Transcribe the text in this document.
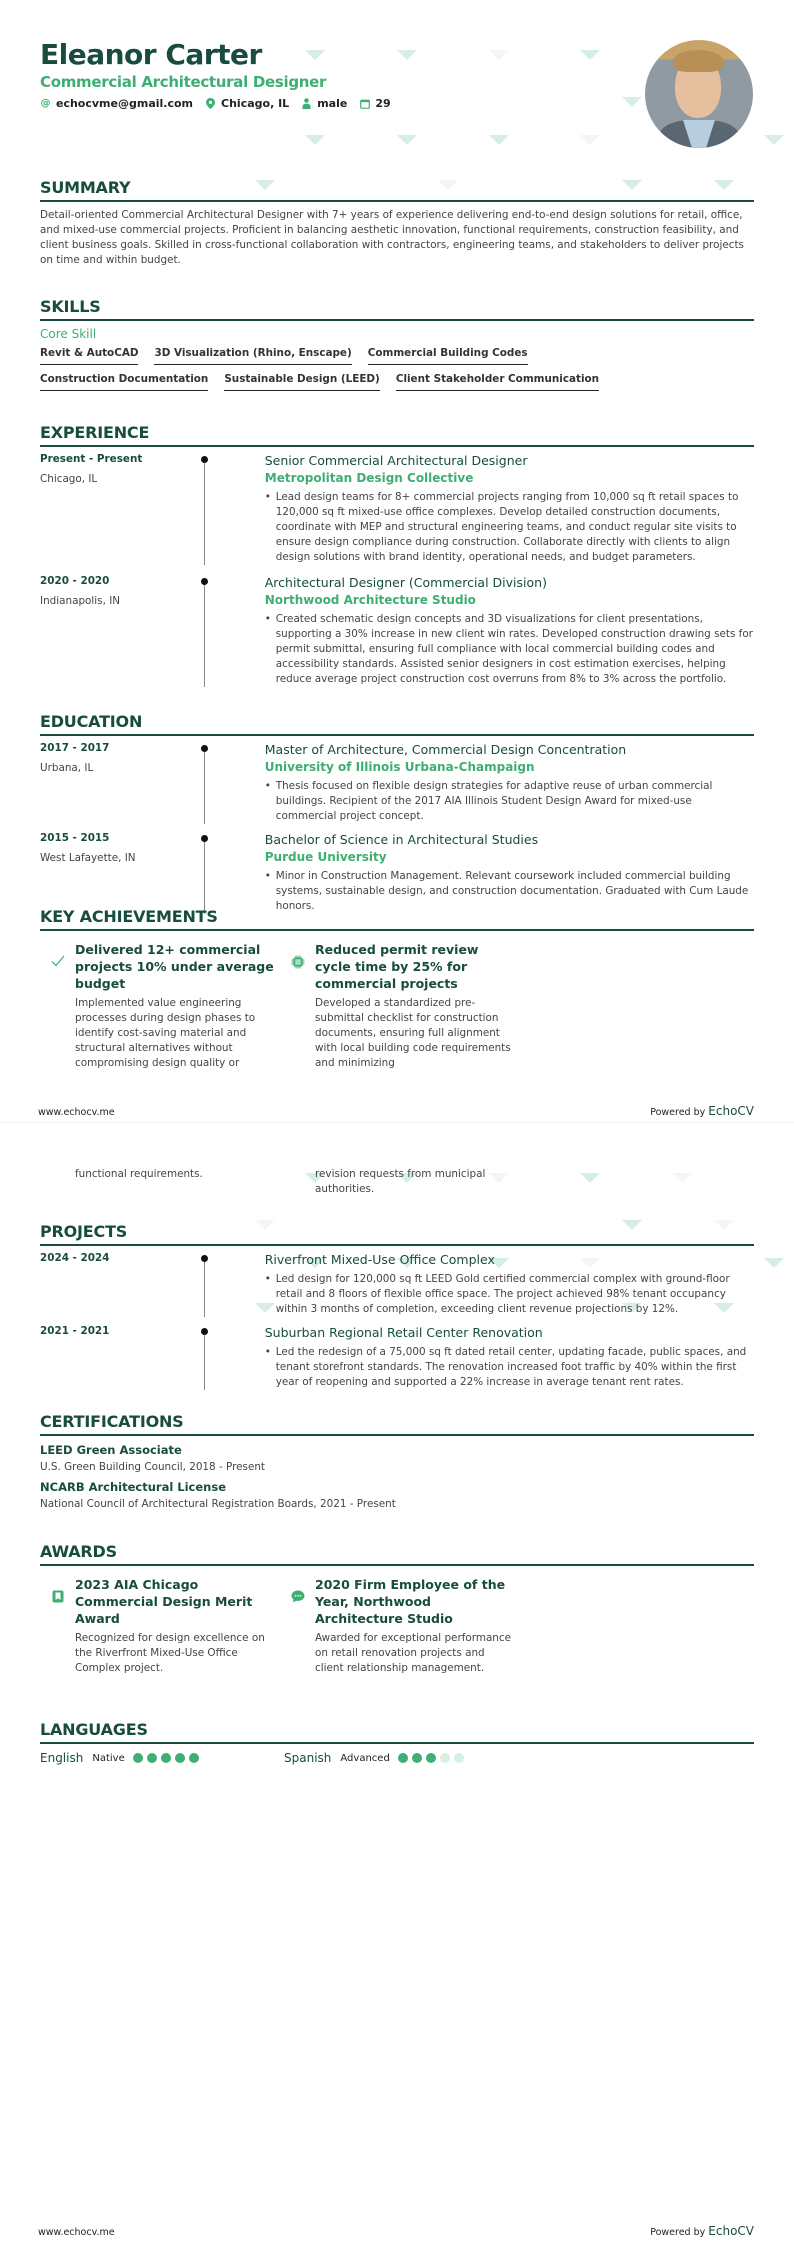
Eleanor Carter
Commercial Architectural Designer
@ echocvme@gmail.com	Chicago, IL	male	29
SUMMARY
Detail-oriented Commercial Architectural Designer with 7+ years of experience delivering end-to-end design solutions for retail, office, and mixed-use commercial projects. Proficient in balancing aesthetic innovation, functional requirements, construction feasibility, and client business goals. Skilled in cross-functional collaboration with contractors, engineering teams, and stakeholders to deliver projects on time and within budget.
SKILLS
Core Skill
Revit & AutoCAD 3D Visualization (Rhino, Enscape) Commercial Building Codes
Construction Documentation Sustainable Design (LEED) Client Stakeholder Communication
EXPERIENCE
Present - Present
Chicago, IL
Senior Commercial Architectural Designer
Metropolitan Design Collective
• Lead design teams for 8+ commercial projects ranging from 10,000 sq ft retail spaces to 120,000 sq ft mixed-use office complexes. Develop detailed construction documents, coordinate with MEP and structural engineering teams, and conduct regular site visits to ensure design compliance during construction. Collaborate directly with clients to align design solutions with brand identity, operational needs, and budget parameters.
2020 - 2020
Indianapolis, IN
Architectural Designer (Commercial Division)
Northwood Architecture Studio
• Created schematic design concepts and 3D visualizations for client presentations, supporting a 30% increase in new client win rates. Developed construction drawing sets for permit submittal, ensuring full compliance with local commercial building codes and accessibility standards. Assisted senior designers in cost estimation exercises, helping reduce average project construction cost overruns from 8% to 3% across the portfolio.
EDUCATION
2017 - 2017
Urbana, IL
Master of Architecture, Commercial Design Concentration
University of Illinois Urbana-Champaign
• Thesis focused on flexible design strategies for adaptive reuse of urban commercial buildings. Recipient of the 2017 AIA Illinois Student Design Award for mixed-use commercial project concept.
2015 - 2015
West Lafayette, IN
Bachelor of Science in Architectural Studies
Purdue University
• Minor in Construction Management. Relevant coursework included commercial building systems, sustainable design, and construction documentation. Graduated with Cum Laude honors.
KEY ACHIEVEMENTS
Delivered 12+ commercial projects 10% under average budget
Implemented value engineering processes during design phases to identify cost-saving material and structural alternatives without compromising design quality or
Reduced permit review cycle time by 25% for commercial projects
Developed a standardized pre-submittal checklist for construction documents, ensuring full alignment with local building code requirements and minimizing
www.echocv.me	Powered by EchoCV
functional requirements.	revision requests from municipal authorities.
PROJECTS
2024 - 2024	Riverfront Mixed-Use Office Complex
• Led design for 120,000 sq ft LEED Gold certified commercial complex with ground-floor retail and 8 floors of flexible office space. The project achieved 98% tenant occupancy within 3 months of completion, exceeding client revenue projections by 12%.
2021 - 2021	Suburban Regional Retail Center Renovation
• Led the redesign of a 75,000 sq ft dated retail center, updating facade, public spaces, and tenant storefront standards. The renovation increased foot traffic by 40% within the first year of reopening and supported a 22% increase in average tenant rent rates.
CERTIFICATIONS
LEED Green Associate
U.S. Green Building Council, 2018 - Present
NCARB Architectural License
National Council of Architectural Registration Boards, 2021 - Present
AWARDS
2023 AIA Chicago Commercial Design Merit Award
Recognized for design excellence on the Riverfront Mixed-Use Office Complex project.
2020 Firm Employee of the Year, Northwood Architecture Studio
Awarded for exceptional performance on retail renovation projects and client relationship management.
LANGUAGES
English Native	Spanish Advanced
www.echocv.me	Powered by EchoCV
